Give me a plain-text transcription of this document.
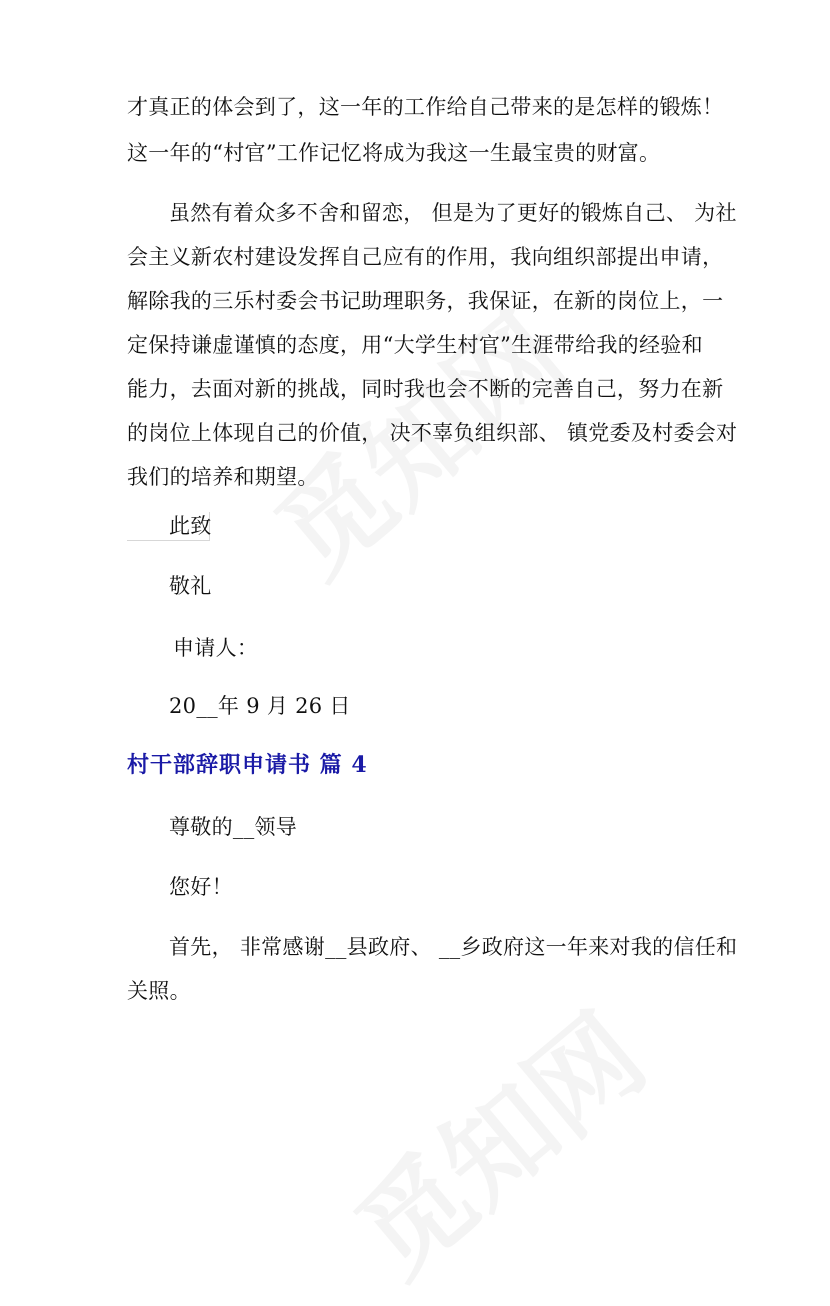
才真正的体会到了，这一年的工作给自己带来的是怎样的锻炼！
这一年的“村官”工作记忆将成为我这一生最宝贵的财富。
虽然有着众多不舍和留恋， 但是为了更好的锻炼自己、 为社
会主义新农村建设发挥自己应有的作用，我向组织部提出申请，
解除我的三乐村委会书记助理职务，我保证，在新的岗位上，一
定保持谦虚谨慎的态度，用“大学生村官”生涯带给我的经验和
能力，去面对新的挑战，同时我也会不断的完善自己，努力在新
的岗位上体现自己的价值， 决不辜负组织部、 镇党委及村委会对
我们的培养和期望。
此致
敬礼
申请人：
20__年 9 月 26 日
村干部辞职申请书 篇 4
尊敬的__领导
您好！
首先， 非常感谢__县政府、 __乡政府这一年来对我的信任和
关照。
